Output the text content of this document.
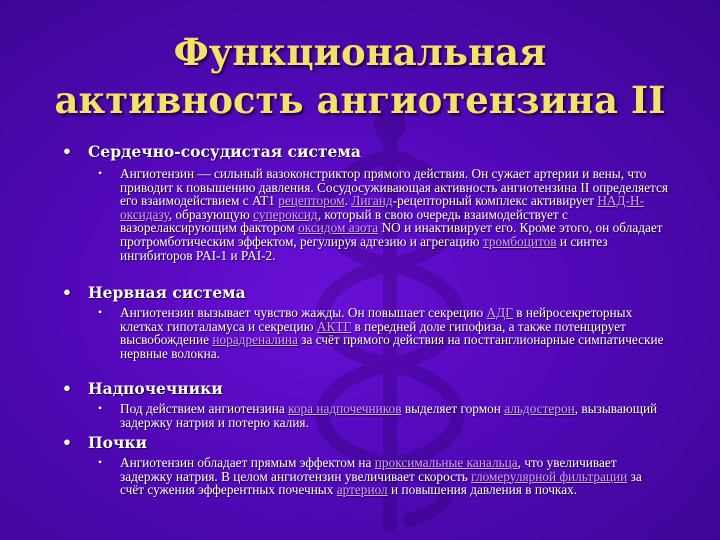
Функциональная
активность ангиотензина II
• Сердечно-сосудистая система
• Ангиотензин — сильный вазоконстриктор прямого действия. Он сужает артерии и вены, что приводит к повышению давления. Сосудосуживающая активность ангиотензина II определяется его взаимодействием с AT1 рецептором. Лиганд-рецепторный комплекс активирует НАД-Н-оксидазу, образующую супероксид, который в свою очередь взаимодействует с вазорелаксирующим фактором оксидом азота NO и инактивирует его. Кроме этого, он обладает протромботическим эффектом, регулируя адгезию и агрегацию тромбоцитов и синтез ингибиторов PAI-1 и PAI-2.
• Нервная система
• Ангиотензин вызывает чувство жажды. Он повышает секрецию АДГ в нейросекреторных клетках гипоталамуса и секрецию АКТГ в передней доле гипофиза, а также потенцирует высвобождение норадреналина за счёт прямого действия на постганглионарные симпатические нервные волокна.
• Надпочечники
• Под действием ангиотензина кора надпочечников выделяет гормон альдостерон, вызывающий задержку натрия и потерю калия.
• Почки
• Ангиотензин обладает прямым эффектом на проксимальные канальца, что увеличивает задержку натрия. В целом ангиотензин увеличивает скорость гломерулярной фильтрации за счёт сужения эфферентных почечных артериол и повышения давления в почках.
